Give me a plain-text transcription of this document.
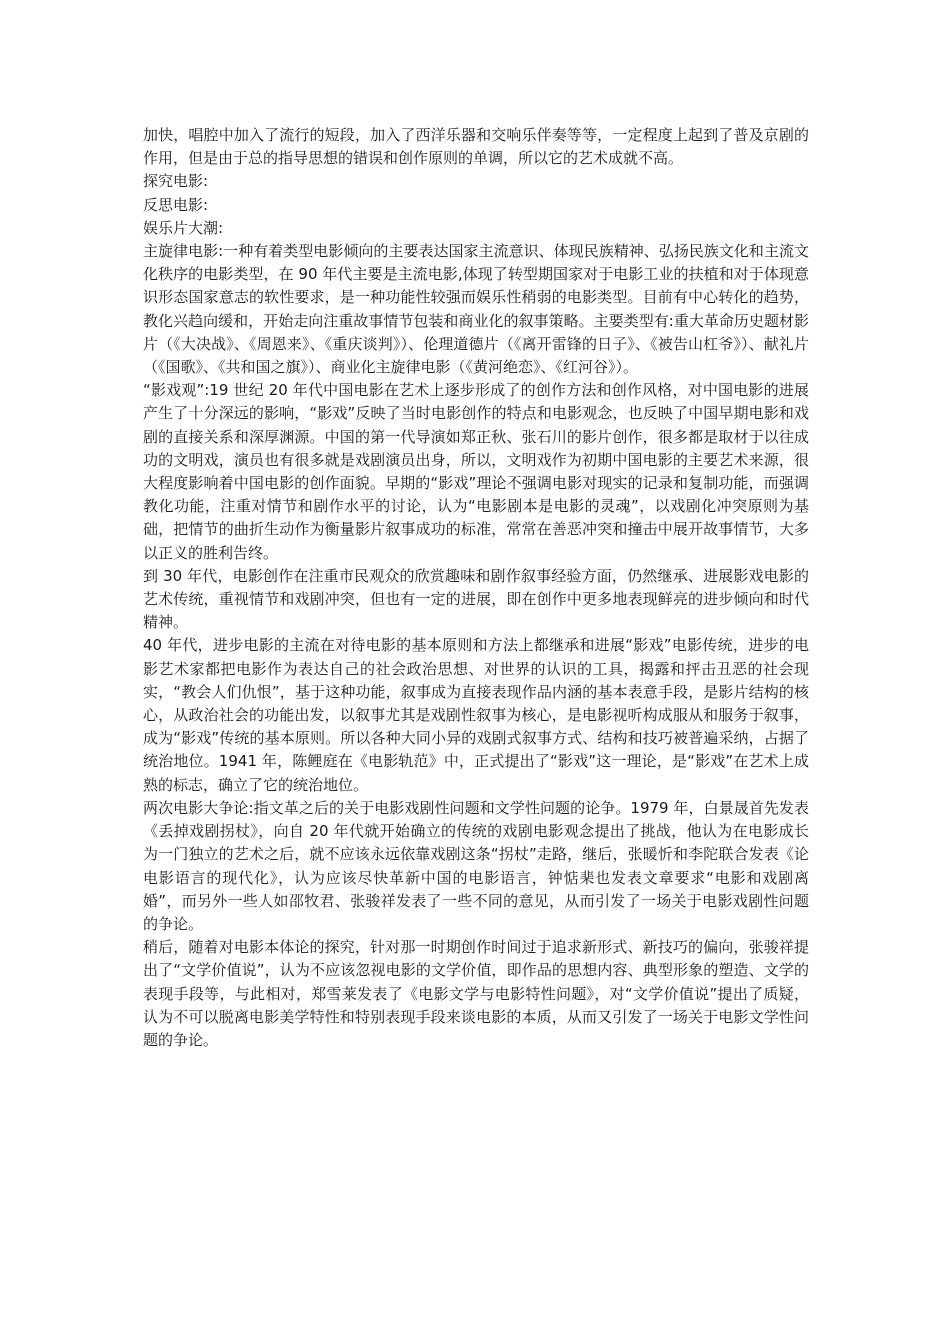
加快，唱腔中加入了流行的短段，加入了西洋乐器和交响乐伴奏等等，一定程度上起到了普及京剧的作用，但是由于总的指导思想的错误和创作原则的单调，所以它的艺术成就不高。

探究电影:

反思电影:

娱乐片大潮:

主旋律电影:一种有着类型电影倾向的主要表达国家主流意识、体现民族精神、弘扬民族文化和主流文化秩序的电影类型，在 90 年代主要是主流电影,体现了转型期国家对于电影工业的扶植和对于体现意识形态国家意志的软性要求，是一种功能性较强而娱乐性稍弱的电影类型。目前有中心转化的趋势，教化兴趋向缓和，开始走向注重故事情节包装和商业化的叙事策略。主要类型有:重大革命历史题材影片（《大决战》、《周恩来》、《重庆谈判》）、伦理道德片（《离开雷锋的日子》、《被告山杠爷》）、献礼片（《国歌》、《共和国之旗》）、商业化主旋律电影（《黄河绝恋》、《红河谷》）。

“影戏观”:19 世纪 20 年代中国电影在艺术上逐步形成了的创作方法和创作风格，对中国电影的进展产生了十分深远的影响，“影戏”反映了当时电影创作的特点和电影观念，也反映了中国早期电影和戏剧的直接关系和深厚渊源。中国的第一代导演如郑正秋、张石川的影片创作，很多都是取材于以往成功的文明戏，演员也有很多就是戏剧演员出身，所以，文明戏作为初期中国电影的主要艺术来源，很大程度影响着中国电影的创作面貌。早期的“影戏”理论不强调电影对现实的记录和复制功能，而强调教化功能，注重对情节和剧作水平的讨论，认为“电影剧本是电影的灵魂”，以戏剧化冲突原则为基础，把情节的曲折生动作为衡量影片叙事成功的标准，常常在善恶冲突和撞击中展开故事情节，大多以正义的胜利告终。

到 30 年代，电影创作在注重市民观众的欣赏趣味和剧作叙事经验方面，仍然继承、进展影戏电影的艺术传统，重视情节和戏剧冲突，但也有一定的进展，即在创作中更多地表现鲜亮的进步倾向和时代精神。

40 年代，进步电影的主流在对待电影的基本原则和方法上都继承和进展“影戏”电影传统，进步的电影艺术家都把电影作为表达自己的社会政治思想、对世界的认识的工具，揭露和抨击丑恶的社会现实，“教会人们仇恨”，基于这种功能，叙事成为直接表现作品内涵的基本表意手段，是影片结构的核心，从政治社会的功能出发，以叙事尤其是戏剧性叙事为核心，是电影视听构成服从和服务于叙事，成为“影戏”传统的基本原则。所以各种大同小异的戏剧式叙事方式、结构和技巧被普遍采纳，占据了统治地位。1941 年，陈鲤庭在《电影轨范》中，正式提出了“影戏”这一理论，是“影戏”在艺术上成熟的标志，确立了它的统治地位。

两次电影大争论:指文革之后的关于电影戏剧性问题和文学性问题的论争。1979 年，白景晟首先发表《丢掉戏剧拐杖》，向自 20 年代就开始确立的传统的戏剧电影观念提出了挑战，他认为在电影成长为一门独立的艺术之后，就不应该永远依靠戏剧这条“拐杖”走路，继后，张暖忻和李陀联合发表《论电影语言的现代化》，认为应该尽快革新中国的电影语言，钟惦棐也发表文章要求“电影和戏剧离婚”，而另外一些人如邵牧君、张骏祥发表了一些不同的意见，从而引发了一场关于电影戏剧性问题的争论。

稍后，随着对电影本体论的探究，针对那一时期创作时间过于追求新形式、新技巧的偏向，张骏祥提出了“文学价值说”，认为不应该忽视电影的文学价值，即作品的思想内容、典型形象的塑造、文学的表现手段等，与此相对，郑雪莱发表了《电影文学与电影特性问题》，对“文学价值说”提出了质疑，认为不可以脱离电影美学特性和特别表现手段来谈电影的本质，从而又引发了一场关于电影文学性问题的争论。
